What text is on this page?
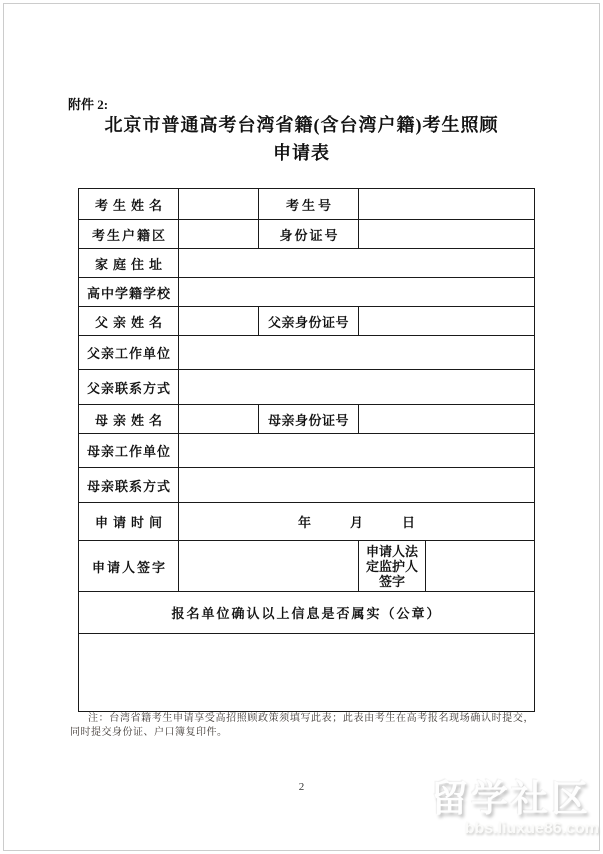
附件 2:
北京市普通高考台湾省籍(含台湾户籍)考生照顾
申请表
考生姓名		考生号		
考生户籍区		身份证号		
家庭住址				
高中学籍学校				
父亲姓名		父亲身份证号		
父亲工作单位				
父亲联系方式				
母亲姓名		母亲身份证号		
母亲工作单位				
母亲联系方式				
申请时间	年　　　月　　　日			
申请人签字			申请人法定监护人签字	
报名单位确认以上信息是否属实（公章）				

注：台湾省籍考生申请享受高招照顾政策须填写此表；此表由考生在高考报名现场确认时提交，同时提交身份证、户口簿复印件。
2	留学社区
bbs.liuxue86.com
